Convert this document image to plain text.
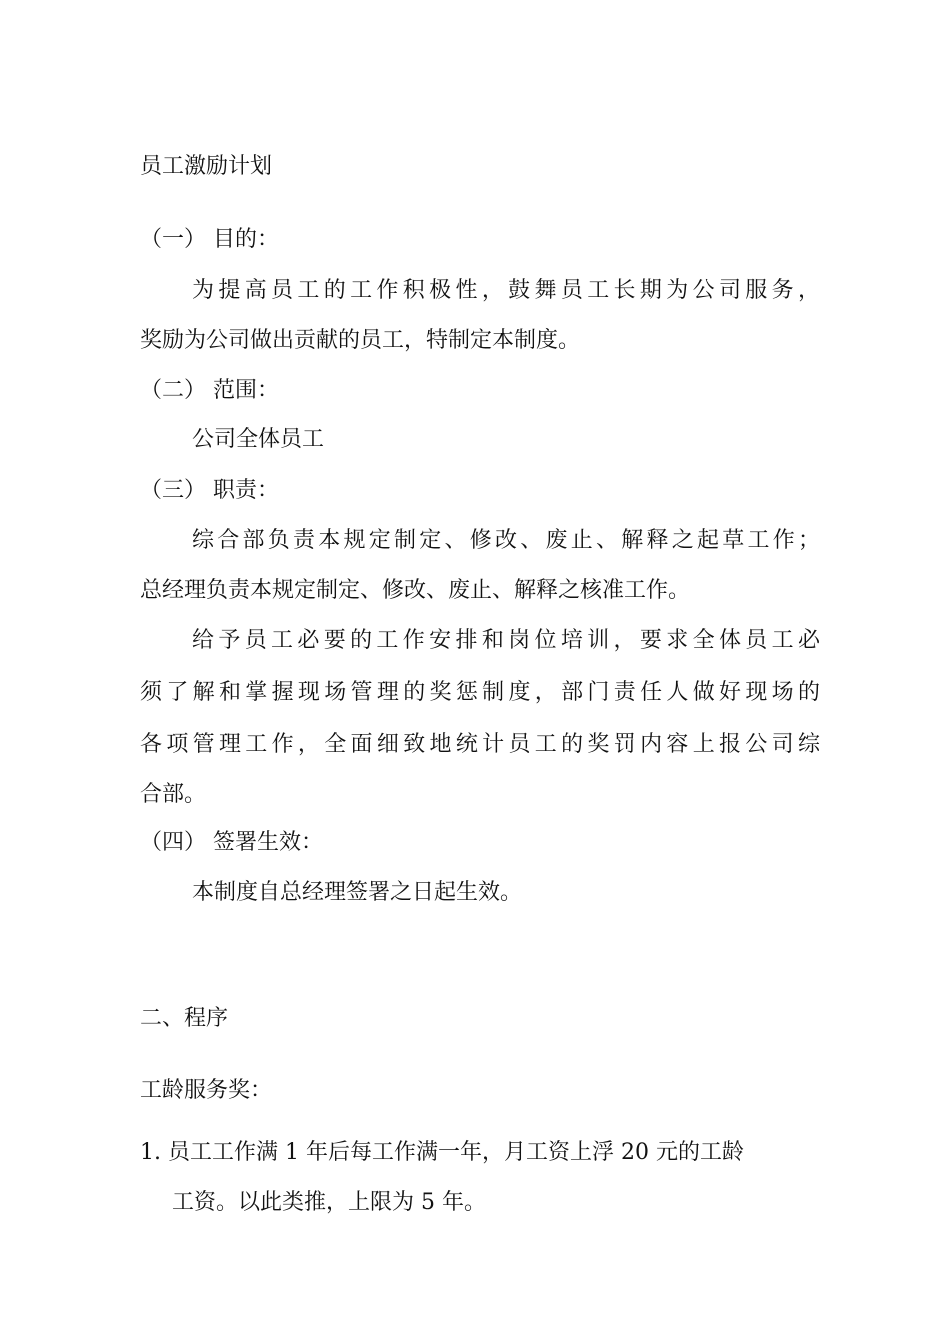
员工激励计划
（一） 目的：
为提高员工的工作积极性，鼓舞员工长期为公司服务，
奖励为公司做出贡献的员工，特制定本制度。
（二） 范围：
公司全体员工
（三） 职责：
综合部负责本规定制定、修改、废止、解释之起草工作；
总经理负责本规定制定、修改、废止、解释之核准工作。
给予员工必要的工作安排和岗位培训，要求全体员工必
须了解和掌握现场管理的奖惩制度，部门责任人做好现场的
各项管理工作，全面细致地统计员工的奖罚内容上报公司综
合部。
（四） 签署生效：
本制度自总经理签署之日起生效。
二、程序
工龄服务奖：
1. 员工工作满 1 年后每工作满一年，月工资上浮 20 元的工龄
工资。以此类推，上限为 5 年。
